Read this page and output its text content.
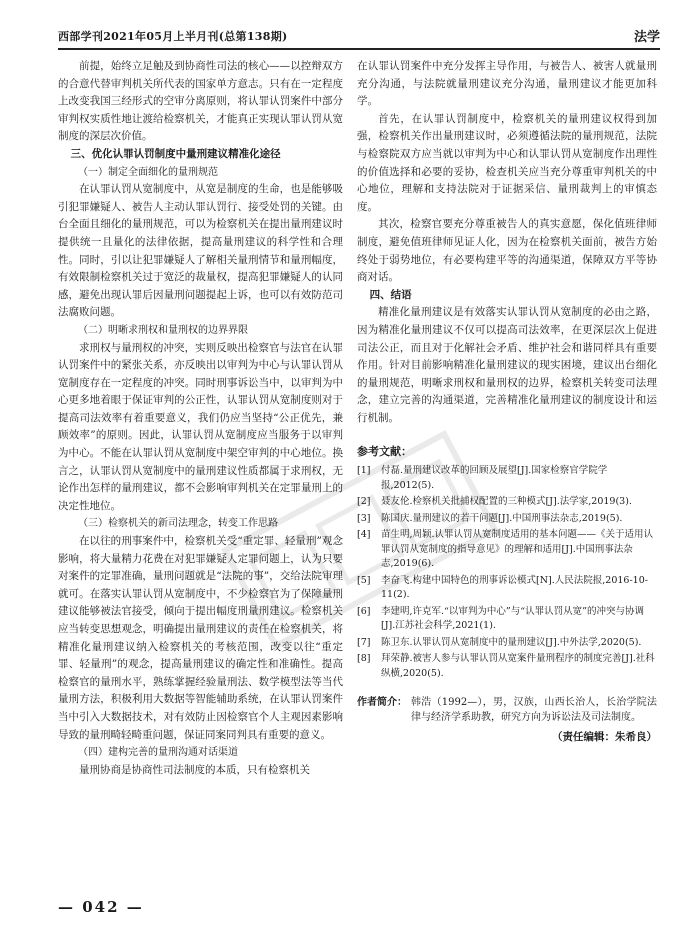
西部学刊2021年05月上半月刊(总第138期)	法学

前提，始终立足触及到协商性司法的核心——以控辩双方的合意代替审判机关所代表的国家单方意志。只有在一定程度上改变我国三经形式的空审分离原则，将认罪认罚案件中部分审判权实质性地让渡给检察机关，才能真正实现认罪认罚从宽制度的深层次价值。

三、优化认罪认罚制度中量刑建议精准化途径

（一）制定全面细化的量刑规范

在认罪认罚从宽制度中，从宽是制度的生命，也是能够吸引犯罪嫌疑人、被告人主动认罪认罚行、接受处罚的关键。由台全面且细化的量刑规范，可以为检察机关在提出量刑建议时提供统一且量化的法律依据，提高量刑建议的科学性和合理性。同时，引以让犯罪嫌疑人了解相关量刑情节和量刑幅度，有效限制检察机关过于宽泛的裁量权，提高犯罪嫌疑人的认同感，避免出现认罪后因量刑问题提起上诉，也可以有效防范司法腐败问题。

（二）明晰求刑权和量刑权的边界界限

求刑权与量刑权的冲突，实则反映出检察官与法官在认罪认罚案件中的紧张关系，亦反映出以审判为中心与认罪认罚从宽制度存在一定程度的冲突。同时刑事诉讼当中，以审判为中心更多地着眼于保证审判的公正性，认罪认罚从宽制度则对于提高司法效率有着重要意义，我们仍应当坚持“公正优先，兼顾效率”的原则。因此，认罪认罚从宽制度应当服务于以审判为中心。不能在认罪认罚从宽制度中架空审判的中心地位。换言之，认罪认罚从宽制度中的量刑建议性质都属于求刑权，无论作出怎样的量刑建议，都不会影响审判机关在定罪量刑上的决定性地位。

（三）检察机关的新司法理念，转变工作思路

在以往的刑事案件中，检察机关受“重定罪、轻量刑”观念影响，将大量精力花费在对犯罪嫌疑人定罪问题上，认为只要对案件的定罪准确，量刑问题就是“法院的事”，交给法院审理就可。在落实认罪认罚从宽制度中，不少检察官为了保障量刑建议能够被法官接受，倾向于提出幅度刑量刑建议。检察机关应当转变思想观念，明确提出量刑建议的责任在检察机关，将精准化量刑建议纳入检察机关的考核范围，改变以往“重定罪、轻量刑”的观念，提高量刑建议的确定性和准确性。提高检察官的量刑水平，熟练掌握经验量刑法、数学模型法等当代量刑方法，积极利用大数据等智能辅助系统，在认罪认罚案件当中引入大数据技术，对有效防止因检察官个人主观因素影响导致的量刑畸轻畸重问题，保证同案同判具有重要的意义。

（四）建构完善的量刑沟通对话渠道

量刑协商是协商性司法制度的本质，只有检察机关

在认罪认罚案件中充分发挥主导作用，与被告人、被害人就量刑充分沟通，与法院就量刑建议充分沟通，量刑建议才能更加科学。

首先，在认罪认罚制度中，检察机关的量刑建议权得到加强，检察机关作出量刑建议时，必须遵循法院的量刑规范，法院与检察院双方应当就以审判为中心和认罪认罚从宽制度作出理性的价值选择和必要的妥协，检查机关应当充分尊重审判机关的中心地位，理解和支持法院对于证据采信、量刑裁判上的审慎态度。

其次，检察官要充分尊重被告人的真实意愿，保化值班律师制度，避免值班律师见证人化，因为在检察机关面前，被告方始终处于弱势地位，有必要构建平等的沟通渠道，保障双方平等协商对话。

四、结语

精准化量刑建议是有效落实认罪认罚从宽制度的必由之路，因为精准化量刑建议不仅可以提高司法效率，在更深层次上促进司法公正，而且对于化解社会矛盾、维护社会和谐同样具有重要作用。针对目前影响精准化量刑建议的现实困境，建议出台细化的量刑规范，明晰求刑权和量刑权的边界，检察机关转变司法理念，建立完善的沟通渠道，完善精准化量刑建议的制度设计和运行机制。

参考文献：

[1]	付磊.量刑建议改革的回顾及展望[J].国家检察官学院学报,2012(5).
[2]	聂友伦.检察机关批捕权配置的三种模式[J].法学家,2019(3).
[3]	陈国庆.量刑建议的若干问题[J].中国刑事法杂志,2019(5).
[4]	苗生明,周颖.认罪认罚从宽制度适用的基本问题——《关于适用认罪认罚从宽制度的指导意见》的理解和适用[J].中国刑事法杂志,2019(6).
[5]	李奋飞.构建中国特色的刑事诉讼模式[N].人民法院报,2016-10-11(2).
[6]	李建明,许克军.“以审判为中心”与“认罪认罚从宽”的冲突与协调[J].江苏社会科学,2021(1).
[7]	陈卫东.认罪认罚从宽制度中的量刑建议[J].中外法学,2020(5).
[8]	拜荣静.被害人参与认罪认罚从宽案件量刑程序的制度完善[J].社科纵横,2020(5).
作者简介： 韩浩（1992—），男，汉族，山西长治人，长治学院法律与经济学系助教，研究方向为诉讼法及司法制度。
（责任编辑：朱希良）
— 042 —
